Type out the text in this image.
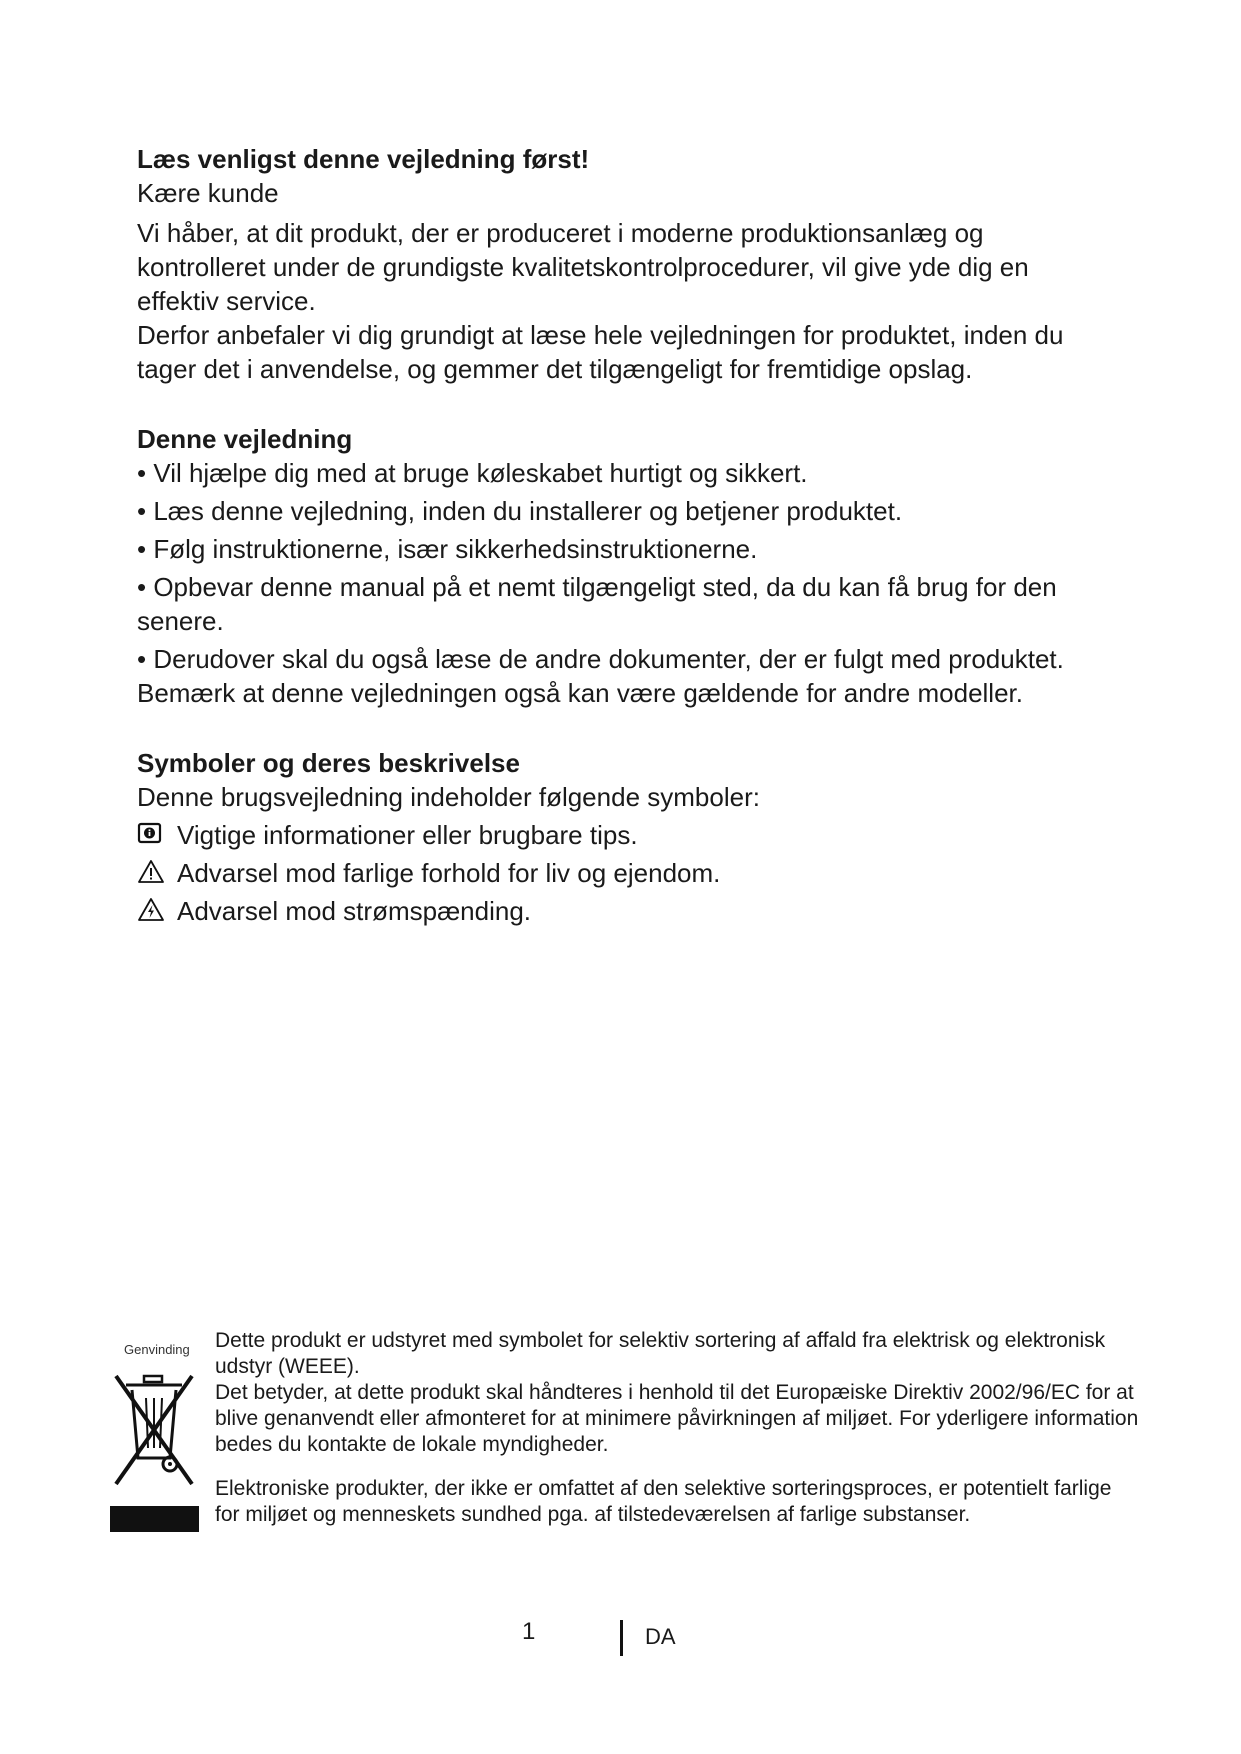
Læs venligst denne vejledning først!

Kære kunde

Vi håber, at dit produkt, der er produceret i moderne produktionsanlæg og kontrolleret under de grundigste kvalitetskontrolprocedurer, vil give yde dig en effektiv service.

Derfor anbefaler vi dig grundigt at læse hele vejledningen for produktet, inden du tager det i anvendelse, og gemmer det tilgængeligt for fremtidige opslag.

Denne vejledning

• Vil hjælpe dig med at bruge køleskabet hurtigt og sikkert.

• Læs denne vejledning, inden du installerer og betjener produktet.

• Følg instruktionerne, især sikkerhedsinstruktionerne.

• Opbevar denne manual på et nemt tilgængeligt sted, da du kan få brug for den senere.

• Derudover skal du også læse de andre dokumenter, der er fulgt med produktet.

Bemærk at denne vejledningen også kan være gældende for andre modeller.

Symboler og deres beskrivelse

Denne brugsvejledning indeholder følgende symboler:

Vigtige informationer eller brugbare tips.
Advarsel mod farlige forhold for liv og ejendom.
Advarsel mod strømspænding.
Genvinding Dette produkt er udstyret med symbolet for selektiv sortering af affald fra elektrisk og elektronisk udstyr (WEEE).

Det betyder, at dette produkt skal håndteres i henhold til det Europæiske Direktiv 2002/96/EC for at blive genanvendt eller afmonteret for at minimere påvirkningen af miljøet. For yderligere information bedes du kontakte de lokale myndigheder.

Elektroniske produkter, der ikke er omfattet af den selektive sorteringsproces, er potentielt farlige for miljøet og menneskets sundhed pga. af tilstedeværelsen af farlige substanser.

1	DA
